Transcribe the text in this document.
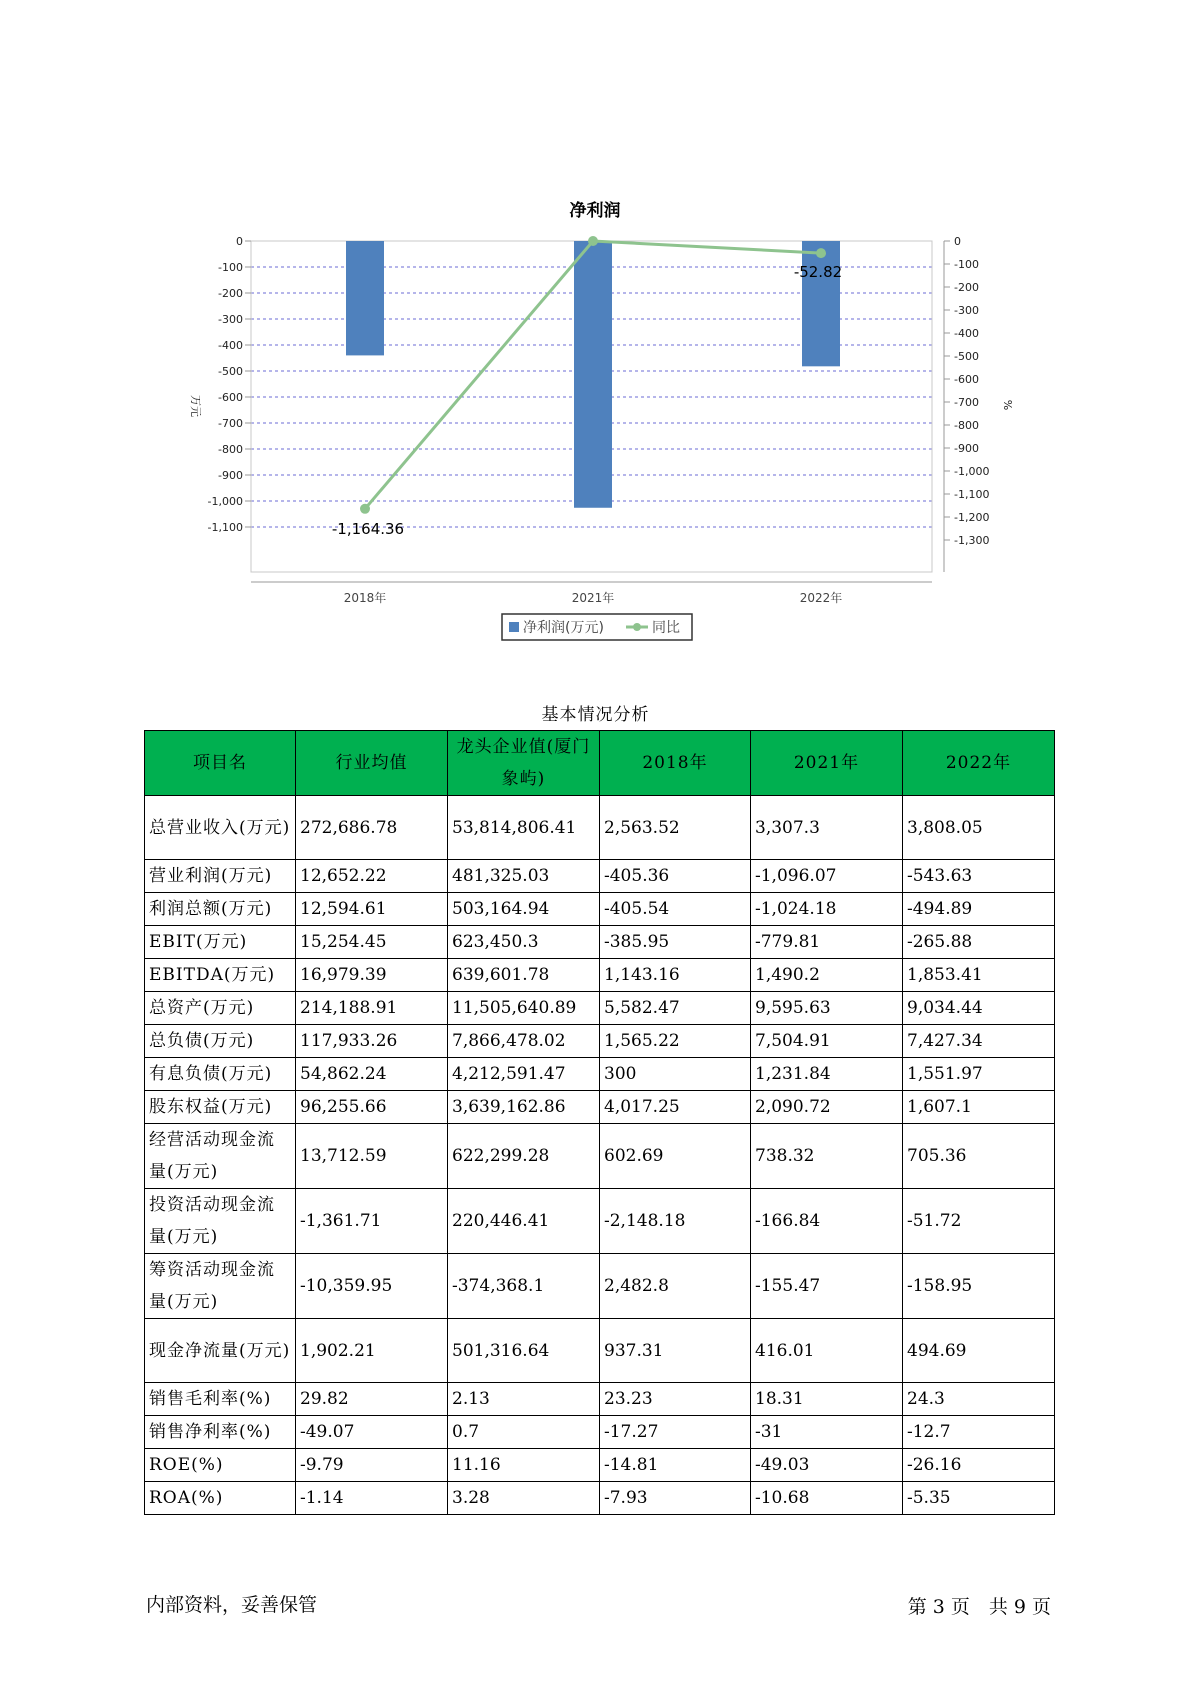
净利润
0
-100
-200
-300
-400
-500
-600
-700
-800
-900
-1,000
-1,100
0
-100
-200
-300
-400
-500
-600
-700
-800
-900
-1,000
-1,100
-1,200
-1,300
2018年	2021年	2022年
-1,164.36
-52.82
万元	%
净利润(万元)	同比
基本情况分析
项目名	行业均值	龙头企业值(厦门象屿)	2018年	2021年	2022年
总营业收入(万元)	272,686.78	53,814,806.41	2,563.52	3,307.3	3,808.05
营业利润(万元)	12,652.22	481,325.03	-405.36	-1,096.07	-543.63
利润总额(万元)	12,594.61	503,164.94	-405.54	-1,024.18	-494.89
EBIT(万元)	15,254.45	623,450.3	-385.95	-779.81	-265.88
EBITDA(万元)	16,979.39	639,601.78	1,143.16	1,490.2	1,853.41
总资产(万元)	214,188.91	11,505,640.89	5,582.47	9,595.63	9,034.44
总负债(万元)	117,933.26	7,866,478.02	1,565.22	7,504.91	7,427.34
有息负债(万元)	54,862.24	4,212,591.47	300	1,231.84	1,551.97
股东权益(万元)	96,255.66	3,639,162.86	4,017.25	2,090.72	1,607.1
经营活动现金流量(万元)	13,712.59	622,299.28	602.69	738.32	705.36
投资活动现金流量(万元)	-1,361.71	220,446.41	-2,148.18	-166.84	-51.72
筹资活动现金流量(万元)	-10,359.95	-374,368.1	2,482.8	-155.47	-158.95
现金净流量(万元)	1,902.21	501,316.64	937.31	416.01	494.69
销售毛利率(%)	29.82	2.13	23.23	18.31	24.3
销售净利率(%)	-49.07	0.7	-17.27	-31	-12.7
ROE(%)	-9.79	11.16	-14.81	-49.03	-26.16
ROA(%)	-1.14	3.28	-7.93	-10.68	-5.35
内部资料，妥善保管	第 3 页　共 9 页
